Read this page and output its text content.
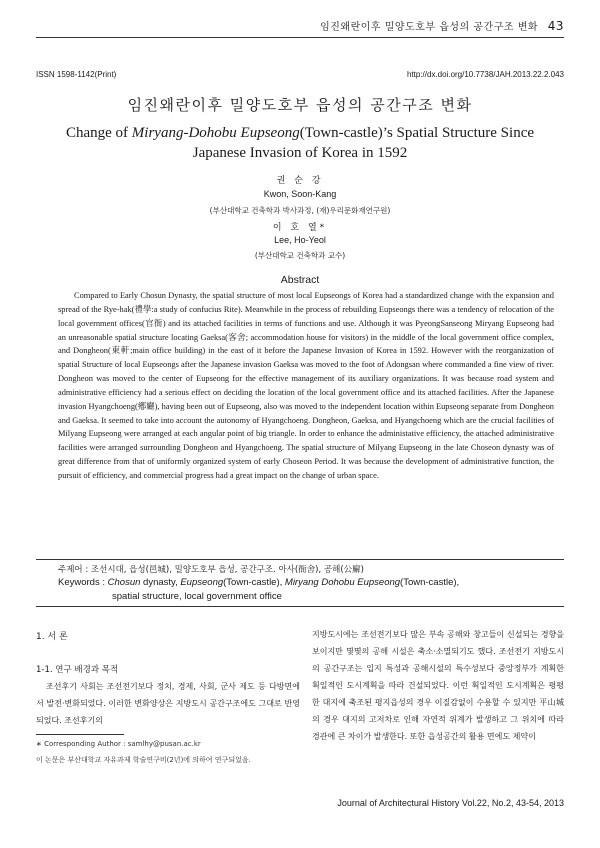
임진왜란이후 밀양도호부 읍성의 공간구조 변화 43
ISSN 1598-1142(Print)	http://dx.doi.org/10.7738/JAH.2013.22.2.043
임진왜란이후 밀양도호부 읍성의 공간구조 변화
Change of Miryang-Dohobu Eupseong(Town-castle)’s Spatial Structure Since Japanese Invasion of Korea in 1592
권 순 강
Kwon, Soon-Kang
(부산대학교 건축학과 박사과정, (재)우리문화재연구원)
이 호 열*
Lee, Ho-Yeol
(부산대학교 건축학과 교수)
Abstract

Compared to Early Chosun Dynasty, the spatial structure of most local Eupseongs of Korea had a standardized change with the expansion and spread of the Rye-hak(禮學:a study of confucius Rite). Meanwhile in the process of rebuilding Eupseongs there was a tendency of relocation of the local government offices(官衙) and its attached facilities in terms of functions and use. Although it was PyeongSanseong Miryang Eupseong had an unreasonable spatial structure locating Gaeksa(客舍; accommodation house for visitors) in the middle of the local government office complex, and Dongheon(東軒;main office building) in the east of it before the Japanese Invasion of Korea in 1592. However with the reorganization of spatial Structure of local Eupseongs after the Japanese invasion Gaeksa was moved to the foot of Adongsan where commanded a fine view of river. Dongheon was moved to the center of Eupseong for the effective management of its auxiliary organizations. It was because road system and administrative efficiency had a serious effect on deciding the location of the local government office and its attached facilities. After the Japanese invasion Hyangchoeng(鄕廳), having been out of Eupseong, also was moved to the independent location within Eupseong separate from Dongheon and Gaeksa. It seemed to take into account the autonomy of Hyangchoeng. Dongheon, Gaeksa, and Hyangchoeng which are the crucial facilities of Milyang Eupseong were arranged at each angular point of big triangle. In order to enhance the administative efficiency, the attached administrative facilities were arranged surrounding Dongheon and Hyangchoeng. The spatial structure of Milyang Eupseong in the late Choseon dynasty was of great difference from that of uniformly organized system of early Choseon Period. It was because the development of administrative function, the pursuit of efficiency, and commercial progress had a great impact on the change of urban space.

주제어 : 조선시대, 읍성(邑城), 밀양도호부 읍성, 공간구조. 아사(衙舍), 공해(公廨)
Keywords : Chosun dynasty, Eupseong(Town-castle), Miryang Dohobu Eupseong(Town-castle),
spatial structure, local government office
1. 서 론
1-1. 연구 배경과 목적
조선후기 사회는 조선전기보다 정치, 경제, 사회, 군사 제도 등 다방면에서 발전·변화되었다. 이러한 변화양상은 지방도시 공간구조에도 그대로 반영되었다. 조선후기의
∗ Corresponding Author : samlhy@pusan.ac.kr
이 논문은 부산대학교 자유과제 학술연구비(2년)에 의하여 연구되었음.
지방도시에는 조선전기보다 많은 부속 공해와 창고들이 신설되는 경향을 보이지만 몇몇의 공해 시설은 축소·소멸되기도 했다. 조선전기 지방도시의 공간구조는 입지 특성과 공해시설의 특수성보다 중앙정부가 계획한 획일적인 도시계획을 따라 건설되었다. 이런 획일적인 도시계획은 평평한 대지에 축조된 평지읍성의 경우 이질감없이 수용할 수 있지만 平山城의 경우 대지의 고저차로 인해 자연적 위계가 발생하고 그 위치에 따라 경관에 큰 차이가 발생한다. 또한 읍성공간의 활용 면에도 제약이
Journal of Architectural History Vol.22, No.2, 43-54, 2013
